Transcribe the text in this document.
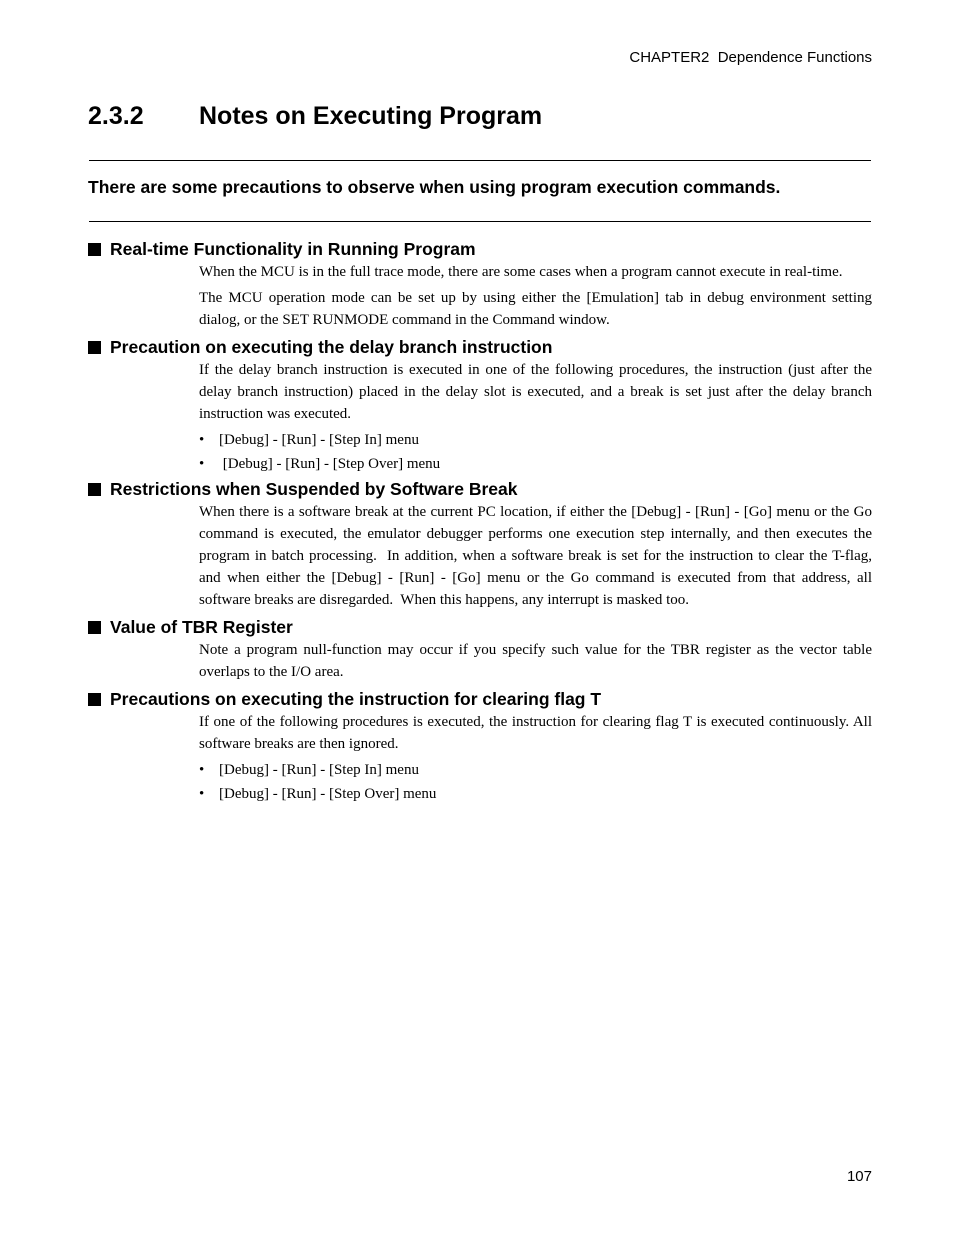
CHAPTER2  Dependence Functions
2.3.2 Notes on Executing Program

There are some precautions to observe when using program execution commands.

Real-time Functionality in Running Program

When the MCU is in the full trace mode, there are some cases when a program cannot execute in real-time.

The MCU operation mode can be set up by using either the [Emulation] tab in debug environment setting dialog, or the SET RUNMODE command in the Command window.

Precaution on executing the delay branch instruction

If the delay branch instruction is executed in one of the following procedures, the instruction (just after the delay branch instruction) placed in the delay slot is executed, and a break is set just after the delay branch instruction was executed.

• [Debug] - [Run] - [Step In] menu
•  [Debug] - [Run] - [Step Over] menu
Restrictions when Suspended by Software Break

When there is a software break at the current PC location, if either the [Debug] - [Run] - [Go] menu or the Go command is executed, the emulator debugger performs one execution step internally, and then executes the program in batch processing.  In addition, when a software break is set for the instruction to clear the T-flag, and when either the [Debug] - [Run] - [Go] menu or the Go command is executed from that address, all software breaks are disregarded.  When this happens, any interrupt is masked too.

Value of TBR Register

Note a program null-function may occur if you specify such value for the TBR register as the vector table overlaps to the I/O area.

Precautions on executing the instruction for clearing flag T

If one of the following procedures is executed, the instruction for clearing flag T is executed continuously. All software breaks are then ignored.

• [Debug] - [Run] - [Step In] menu
• [Debug] - [Run] - [Step Over] menu
107
